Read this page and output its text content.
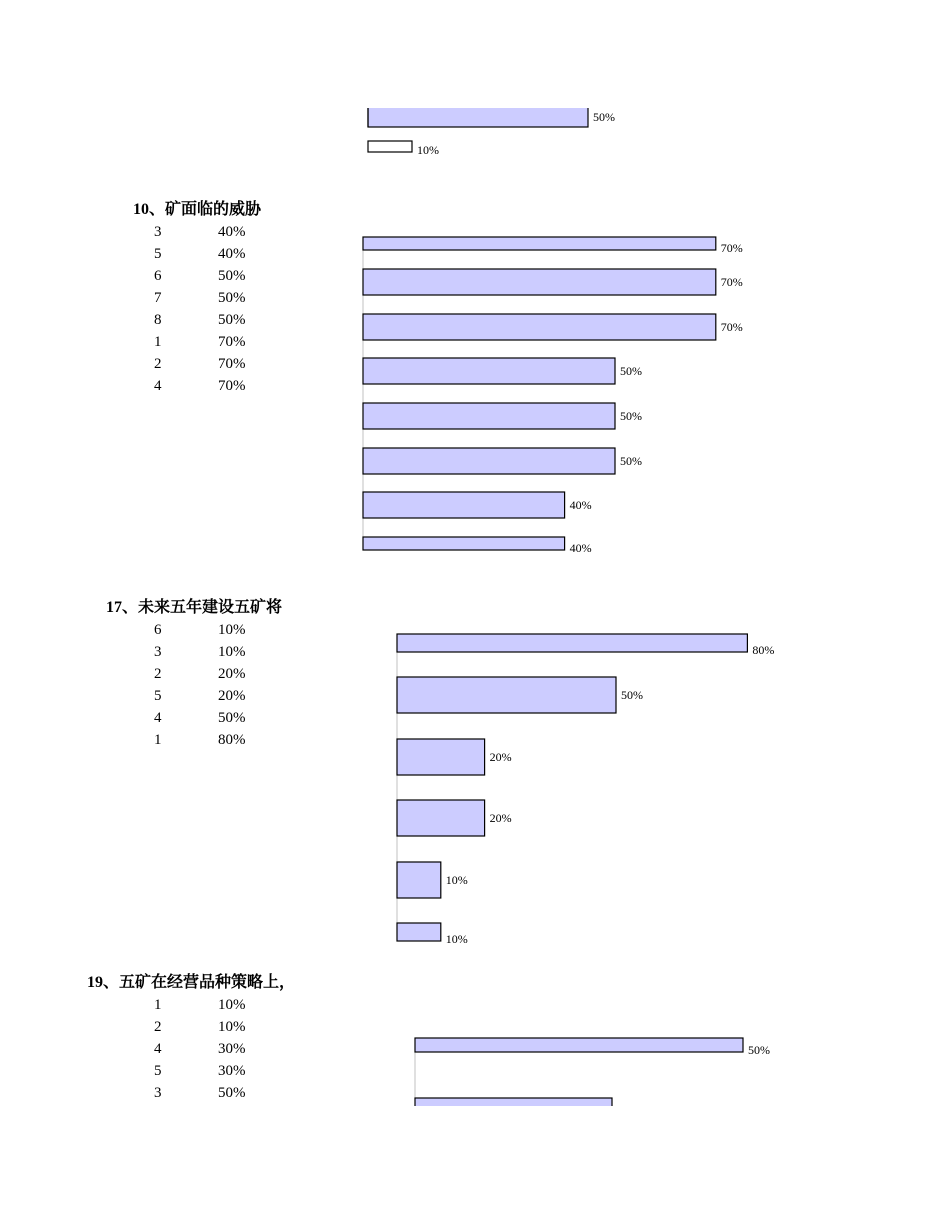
50%
10%
10、矿面临的威胁
3	40%
5	40%
6	50%
7	50%
8	50%
1	70%
2	70%
4	70%
70%
70%
70%
50%
50%
50%
40%
40%
17、未来五年建设五矿将
6	10%
3	10%
2	20%
5	20%
4	50%
1	80%
80%
50%
20%
20%
10%
10%
19、五矿在经营品种策略上，
1	10%
2	10%
4	30%
5	30%
3	50%
50%
